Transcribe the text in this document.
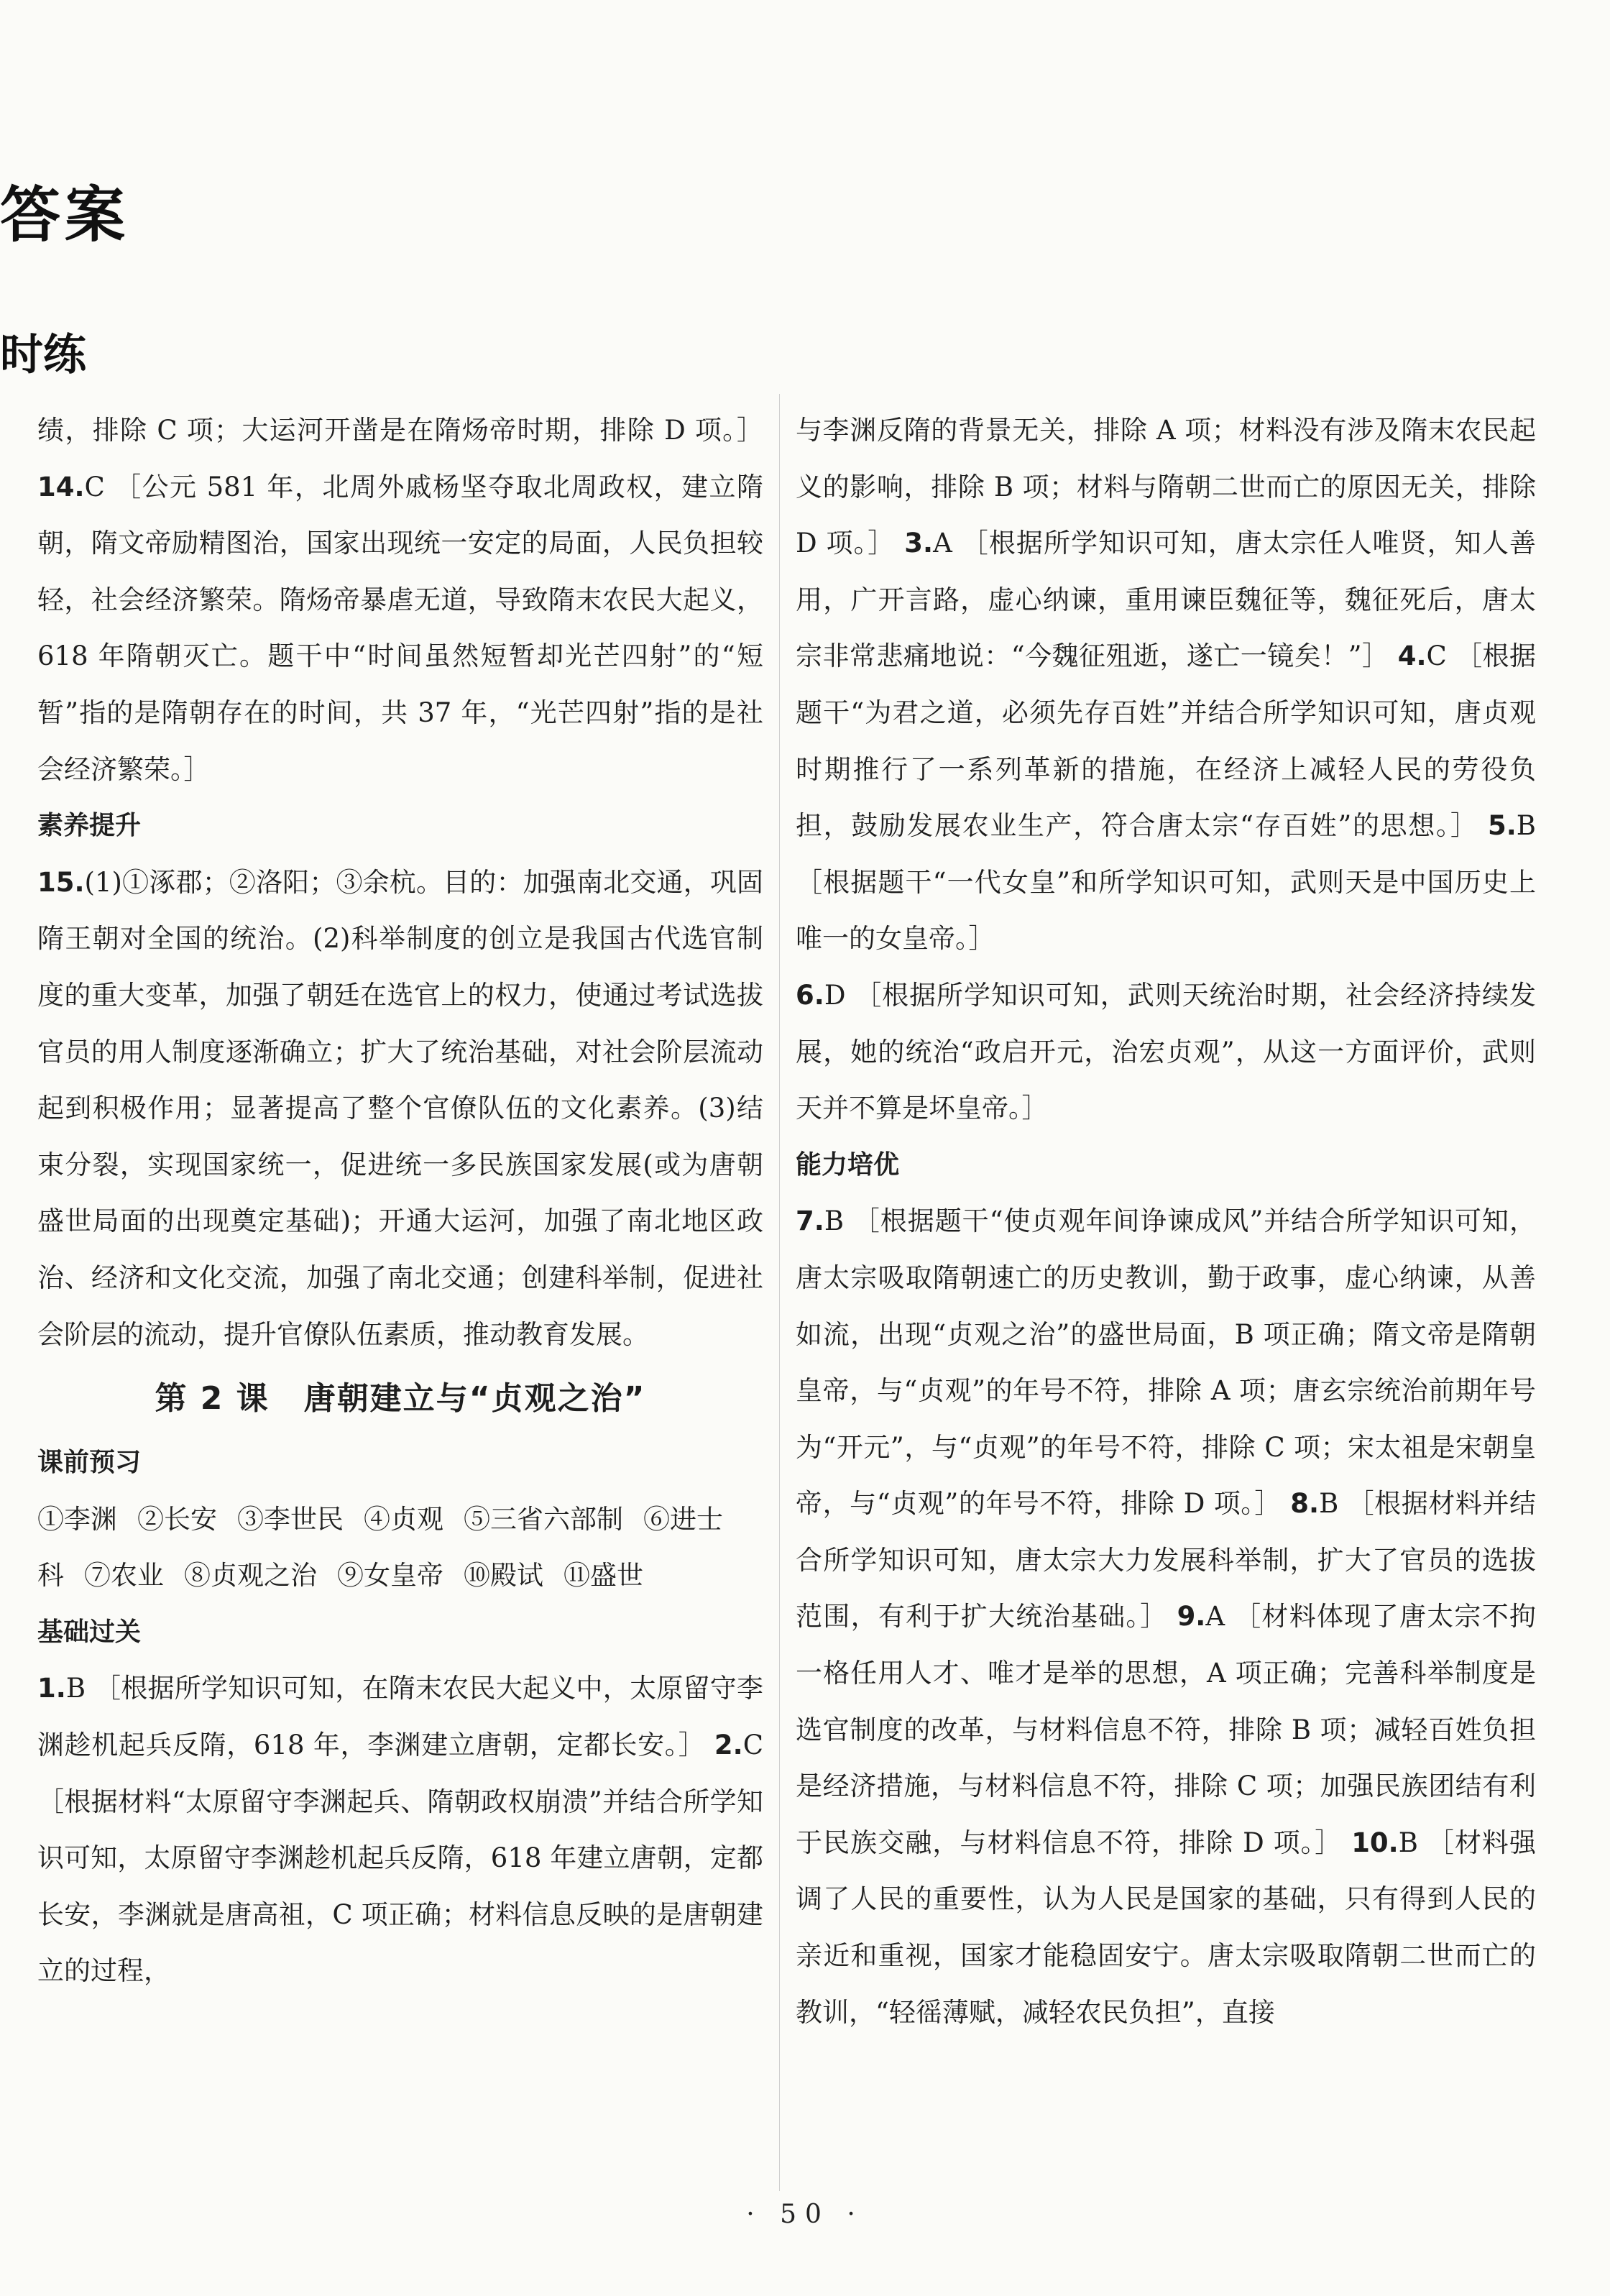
答案
时练

绩，排除 C 项；大运河开凿是在隋炀帝时期，排除 D 项。］ 14.C ［公元 581 年，北周外戚杨坚夺取北周政权，建立隋朝，隋文帝励精图治，国家出现统一安定的局面，人民负担较轻，社会经济繁荣。隋炀帝暴虐无道，导致隋末农民大起义，618 年隋朝灭亡。题干中“时间虽然短暂却光芒四射”的“短暂”指的是隋朝存在的时间，共 37 年，“光芒四射”指的是社会经济繁荣。］

素养提升

15.(1)①涿郡；②洛阳；③余杭。目的：加强南北交通，巩固隋王朝对全国的统治。(2)科举制度的创立是我国古代选官制度的重大变革，加强了朝廷在选官上的权力，使通过考试选拔官员的用人制度逐渐确立；扩大了统治基础，对社会阶层流动起到积极作用；显著提高了整个官僚队伍的文化素养。(3)结束分裂，实现国家统一，促进统一多民族国家发展(或为唐朝盛世局面的出现奠定基础)；开通大运河，加强了南北地区政治、经济和文化交流，加强了南北交通；创建科举制，促进社会阶层的流动，提升官僚队伍素质，推动教育发展。

第 2 课 唐朝建立与“贞观之治”

课前预习

①李渊 ②长安 ③李世民 ④贞观 ⑤三省六部制 ⑥进士科 ⑦农业 ⑧贞观之治 ⑨女皇帝 ⑩殿试 ⑪盛世

基础过关

1.B ［根据所学知识可知，在隋末农民大起义中，太原留守李渊趁机起兵反隋，618 年，李渊建立唐朝，定都长安。］ 2.C ［根据材料“太原留守李渊起兵、隋朝政权崩溃”并结合所学知识可知，太原留守李渊趁机起兵反隋，618 年建立唐朝，定都长安，李渊就是唐高祖，C 项正确；材料信息反映的是唐朝建立的过程，

与李渊反隋的背景无关，排除 A 项；材料没有涉及隋末农民起义的影响，排除 B 项；材料与隋朝二世而亡的原因无关，排除 D 项。］ 3.A ［根据所学知识可知，唐太宗任人唯贤，知人善用，广开言路，虚心纳谏，重用谏臣魏征等，魏征死后，唐太宗非常悲痛地说：“今魏征殂逝，遂亡一镜矣！”］ 4.C ［根据题干“为君之道，必须先存百姓”并结合所学知识可知，唐贞观时期推行了一系列革新的措施，在经济上减轻人民的劳役负担，鼓励发展农业生产，符合唐太宗“存百姓”的思想。］ 5.B ［根据题干“一代女皇”和所学知识可知，武则天是中国历史上唯一的女皇帝。］

6.D ［根据所学知识可知，武则天统治时期，社会经济持续发展，她的统治“政启开元，治宏贞观”，从这一方面评价，武则天并不算是坏皇帝。］

能力培优

7.B ［根据题干“使贞观年间诤谏成风”并结合所学知识可知，唐太宗吸取隋朝速亡的历史教训，勤于政事，虚心纳谏，从善如流，出现“贞观之治”的盛世局面，B 项正确；隋文帝是隋朝皇帝，与“贞观”的年号不符，排除 A 项；唐玄宗统治前期年号为“开元”，与“贞观”的年号不符，排除 C 项；宋太祖是宋朝皇帝，与“贞观”的年号不符，排除 D 项。］ 8.B ［根据材料并结合所学知识可知，唐太宗大力发展科举制，扩大了官员的选拔范围，有利于扩大统治基础。］ 9.A ［材料体现了唐太宗不拘一格任用人才、唯才是举的思想，A 项正确；完善科举制度是选官制度的改革，与材料信息不符，排除 B 项；减轻百姓负担是经济措施，与材料信息不符，排除 C 项；加强民族团结有利于民族交融，与材料信息不符，排除 D 项。］ 10.B ［材料强调了人民的重要性，认为人民是国家的基础，只有得到人民的亲近和重视，国家才能稳固安宁。唐太宗吸取隋朝二世而亡的教训，“轻徭薄赋，减轻农民负担”，直接

· 50 ·
